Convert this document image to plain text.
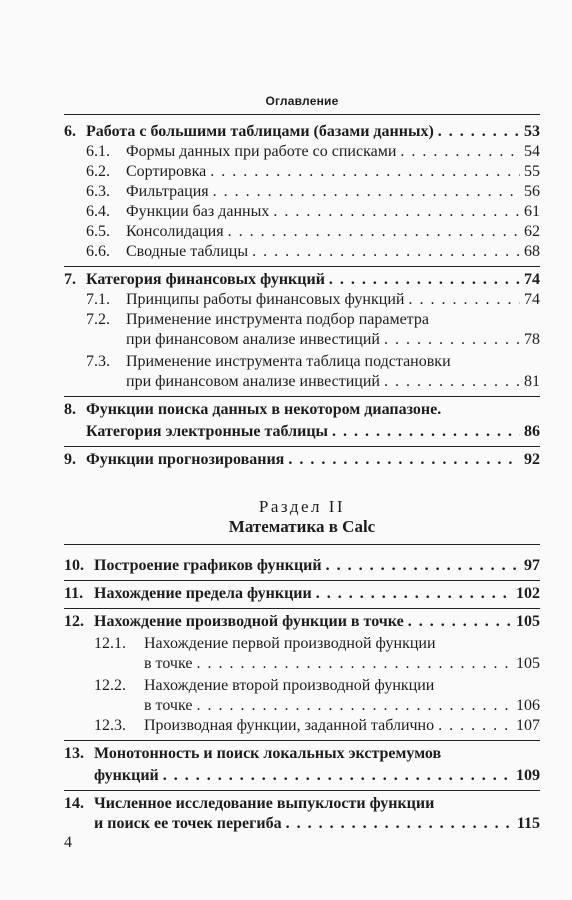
Оглавление
6. Работа с большими таблицами (базами данных) . . .	53
6.1. Формы данных при работе со списками . . .	54
6.2. Сортировка . . .	55
6.3. Фильтрация . . .	56
6.4. Функции баз данных . . .	61
6.5. Консолидация . . .	62
6.6. Сводные таблицы . . .	68
7. Категория финансовых функций . . .	74
7.1. Принципы работы финансовых функций . . .	74
7.2. Применение инструмента подбор параметра
при финансовом анализе инвестиций . . .	78
7.3. Применение инструмента таблица подстановки
при финансовом анализе инвестиций . . .	81
8. Функции поиска данных в некотором диапазоне.
Категория электронные таблицы . . .	86
9. Функции прогнозирования . . .	92
Раздел II
Математика в Calc
10. Построение графиков функций . . .	97
11. Нахождение предела функции . . .	102
12. Нахождение производной функции в точке . . .	105
12.1. Нахождение первой производной функции
в точке . . .	105
12.2. Нахождение второй производной функции
в точке . . .	106
12.3. Производная функции, заданной таблично . . .	107
13. Монотонность и поиск локальных экстремумов
функций . . .	109
14. Численное исследование выпуклости функции
и поиск ее точек перегиба . . .	115
4
